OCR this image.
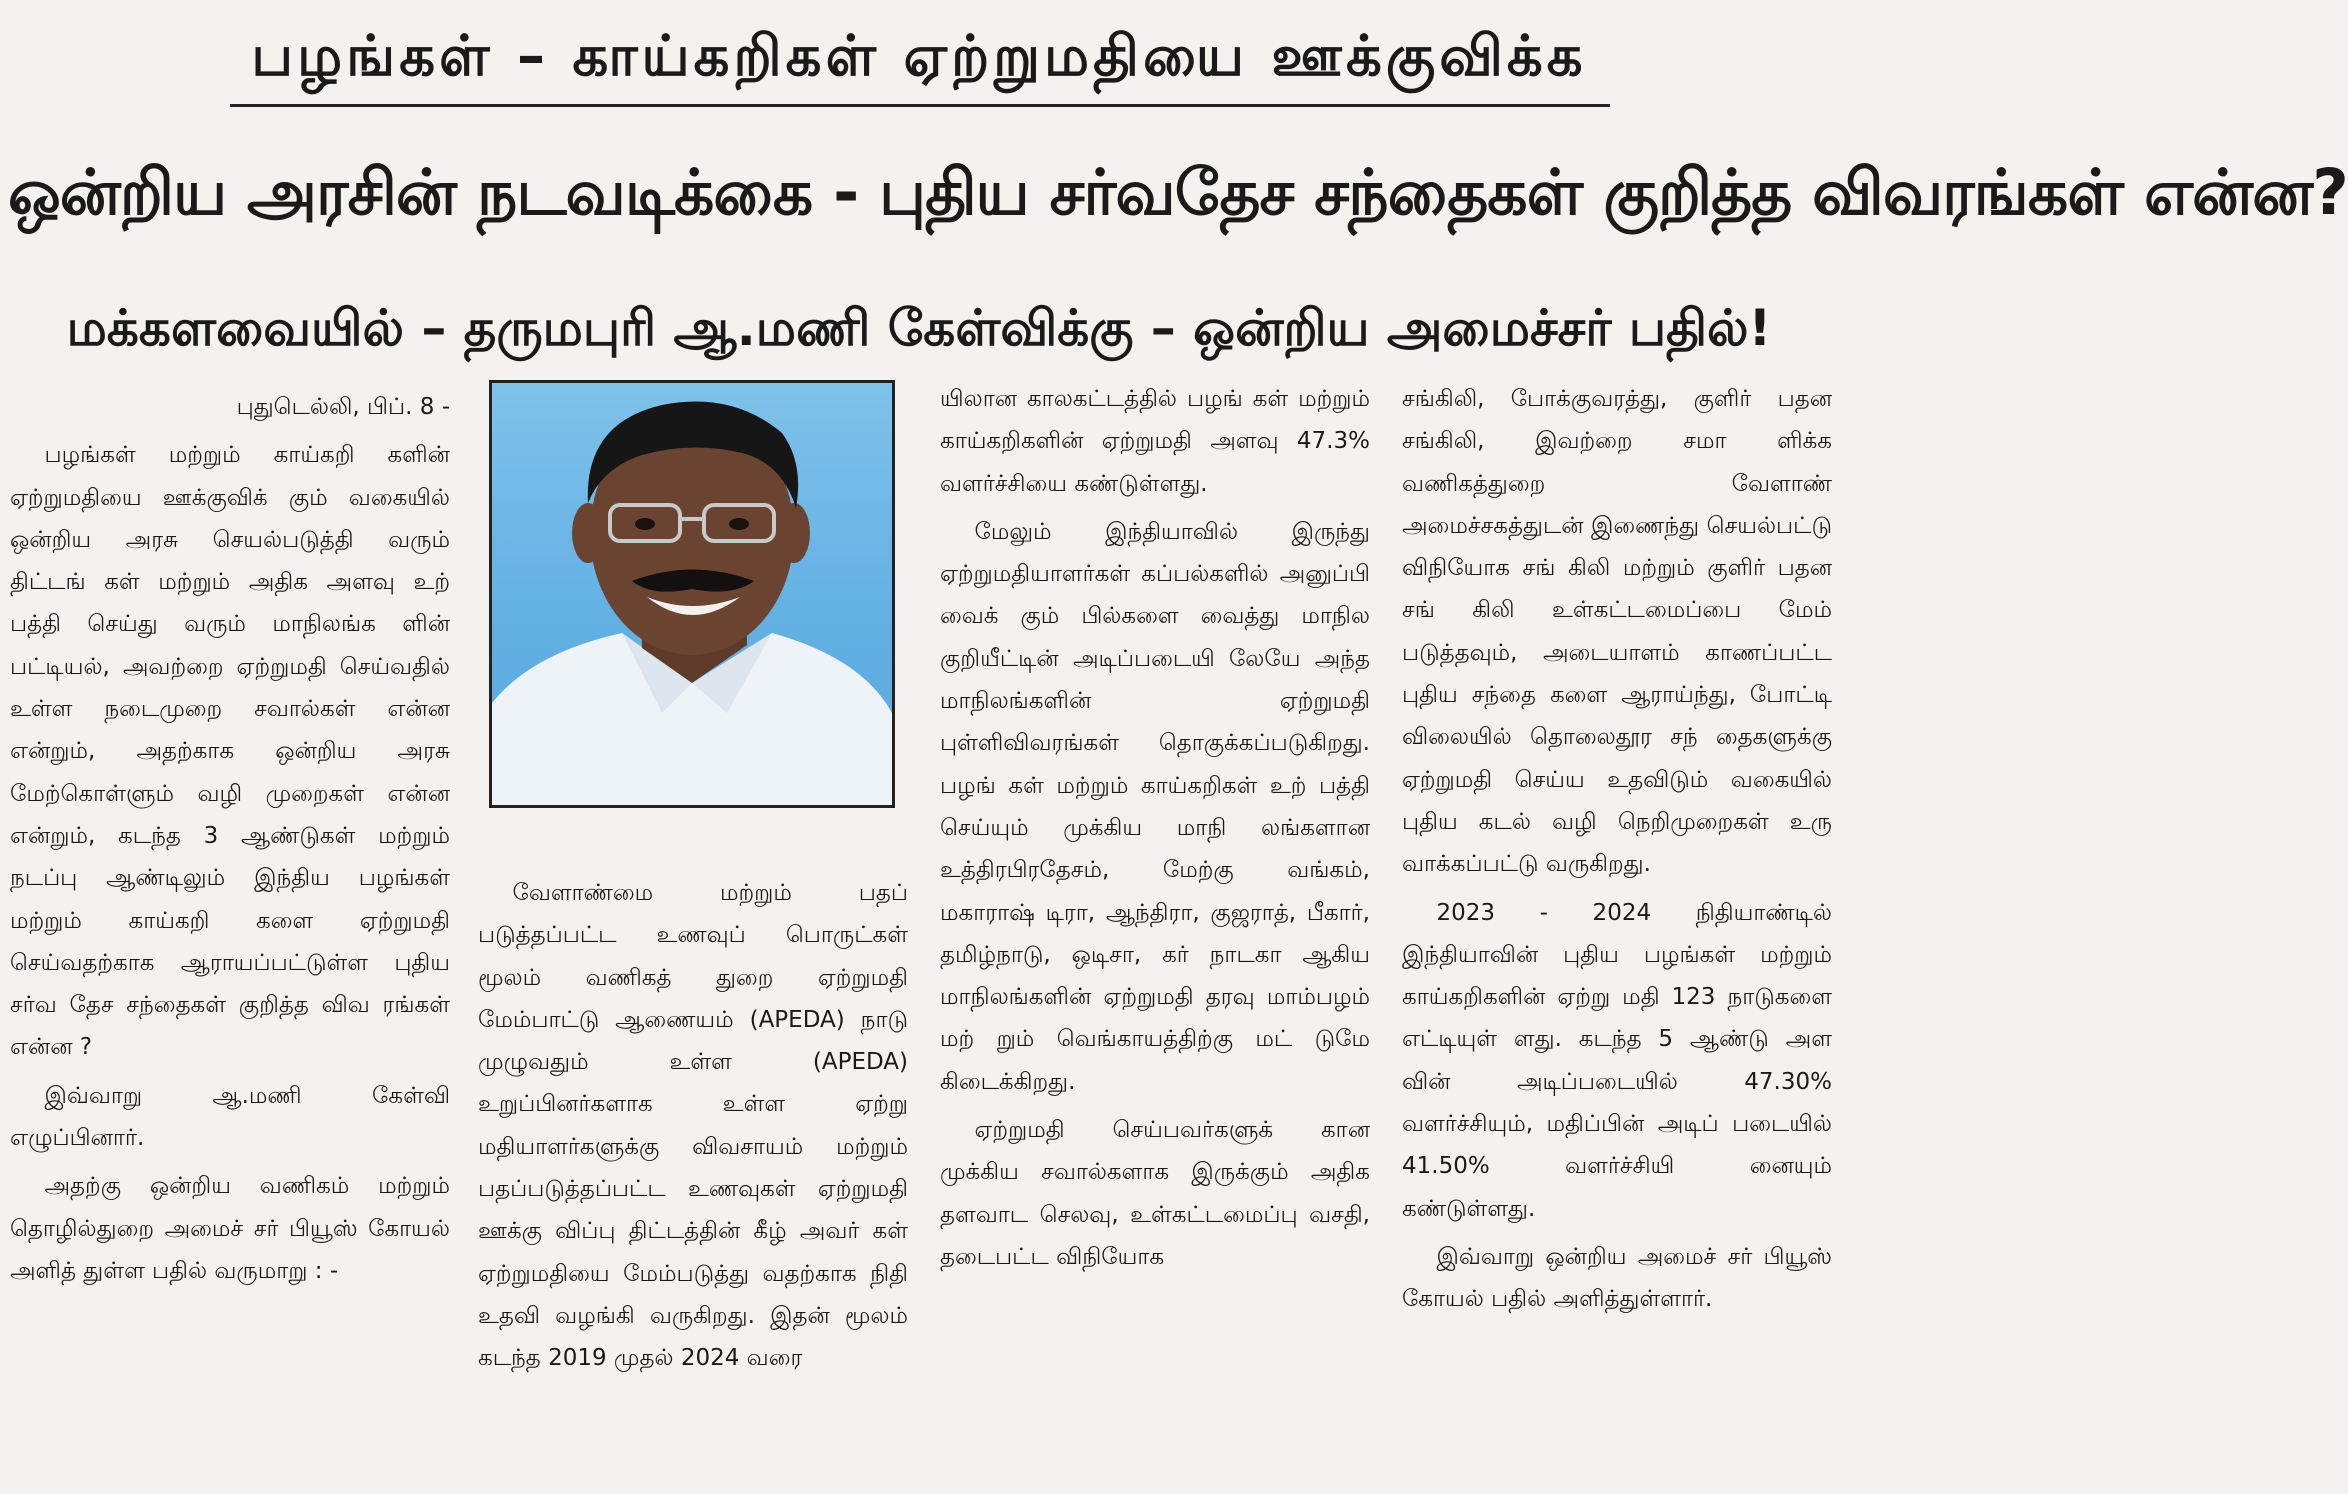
பழங்கள் – காய்கறிகள் ஏற்றுமதியை ஊக்குவிக்க
ஒன்றிய அரசின் நடவடிக்கை - புதிய சர்வதேச சந்தைகள் குறித்த விவரங்கள் என்ன?
மக்களவையில் – தருமபுரி ஆ.மணி கேள்விக்கு – ஒன்றிய அமைச்சர் பதில்!

புதுடெல்லி, பிப். 8 -

பழங்கள் மற்றும் காய்கறி களின் ஏற்றுமதியை ஊக்குவிக் கும் வகையில் ஒன்றிய அரசு செயல்படுத்தி வரும் திட்டங் கள் மற்றும் அதிக அளவு உற் பத்தி செய்து வரும் மாநிலங்க ளின் பட்டியல், அவற்றை ஏற்றுமதி செய்வதில் உள்ள நடைமுறை சவால்கள் என்ன என்றும், அதற்காக ஒன்றிய அரசு மேற்கொள்ளும் வழி முறைகள் என்ன என்றும், கடந்த 3 ஆண்டுகள் மற்றும் நடப்பு ஆண்டிலும் இந்திய பழங்கள் மற்றும் காய்கறி களை ஏற்றுமதி செய்வதற்காக ஆராயப்பட்டுள்ள புதிய சர்வ தேச சந்தைகள் குறித்த விவ ரங்கள் என்ன ?

இவ்வாறு ஆ.மணி கேள்வி எழுப்பினார்.

அதற்கு ஒன்றிய வணிகம் மற்றும் தொழில்துறை அமைச் சர் பியூஸ் கோயல் அளித் துள்ள பதில் வருமாறு : -

வேளாண்மை மற்றும் பதப் படுத்தப்பட்ட உணவுப் பொருட்கள் மூலம் வணிகத் துறை ஏற்றுமதி மேம்பாட்டு ஆணையம் (APEDA) நாடு முழுவதும் உள்ள (APEDA) உறுப்பினர்களாக உள்ள ஏற்று மதியாளர்களுக்கு விவசாயம் மற்றும் பதப்படுத்தப்பட்ட உணவுகள் ஏற்றுமதி ஊக்கு விப்பு திட்டத்தின் கீழ் அவர் கள் ஏற்றுமதியை மேம்படுத்து வதற்காக நிதி உதவி வழங்கி வருகிறது. இதன் மூலம் கடந்த 2019 முதல் 2024 வரை

யிலான காலகட்டத்தில் பழங் கள் மற்றும் காய்கறிகளின் ஏற்றுமதி அளவு 47.3% வளர்ச்சியை கண்டுள்ளது.

மேலும் இந்தியாவில் இருந்து ஏற்றுமதியாளர்கள் கப்பல்களில் அனுப்பி வைக் கும் பில்களை வைத்து மாநில குறியீட்டின் அடிப்படையி லேயே அந்த மாநிலங்களின் ஏற்றுமதி புள்ளிவிவரங்கள் தொகுக்கப்படுகிறது. பழங் கள் மற்றும் காய்கறிகள் உற் பத்தி செய்யும் முக்கிய மாநி லங்களான உத்திரபிரதேசம், மேற்கு வங்கம், மகாராஷ் டிரா, ஆந்திரா, குஜராத், பீகார், தமிழ்நாடு, ஒடிசா, கர் நாடகா ஆகிய மாநிலங்களின் ஏற்றுமதி தரவு மாம்பழம் மற் றும் வெங்காயத்திற்கு மட் டுமே கிடைக்கிறது.

ஏற்றுமதி செய்பவர்களுக் கான முக்கிய சவால்களாக இருக்கும் அதிக தளவாட செலவு, உள்கட்டமைப்பு வசதி, தடைபட்ட விநியோக

சங்கிலி, போக்குவரத்து, குளிர் பதன சங்கிலி, இவற்றை சமா ளிக்க வணிகத்துறை வேளாண் அமைச்சகத்துடன் இணைந்து செயல்பட்டு விநியோக சங் கிலி மற்றும் குளிர் பதன சங் கிலி உள்கட்டமைப்பை மேம் படுத்தவும், அடையாளம் காணப்பட்ட புதிய சந்தை களை ஆராய்ந்து, போட்டி விலையில் தொலைதூர சந் தைகளுக்கு ஏற்றுமதி செய்ய உதவிடும் வகையில் புதிய கடல் வழி நெறிமுறைகள் உரு வாக்கப்பட்டு வருகிறது.

2023 - 2024 நிதியாண்டில் இந்தியாவின் புதிய பழங்கள் மற்றும் காய்கறிகளின் ஏற்று மதி 123 நாடுகளை எட்டியுள் ளது. கடந்த 5 ஆண்டு அள வின் அடிப்படையில் 47.30% வளர்ச்சியும், மதிப்பின் அடிப் படையில் 41.50% வளர்ச்சியி னையும் கண்டுள்ளது.

இவ்வாறு ஒன்றிய அமைச் சர் பியூஸ் கோயல் பதில் அளித்துள்ளார்.
